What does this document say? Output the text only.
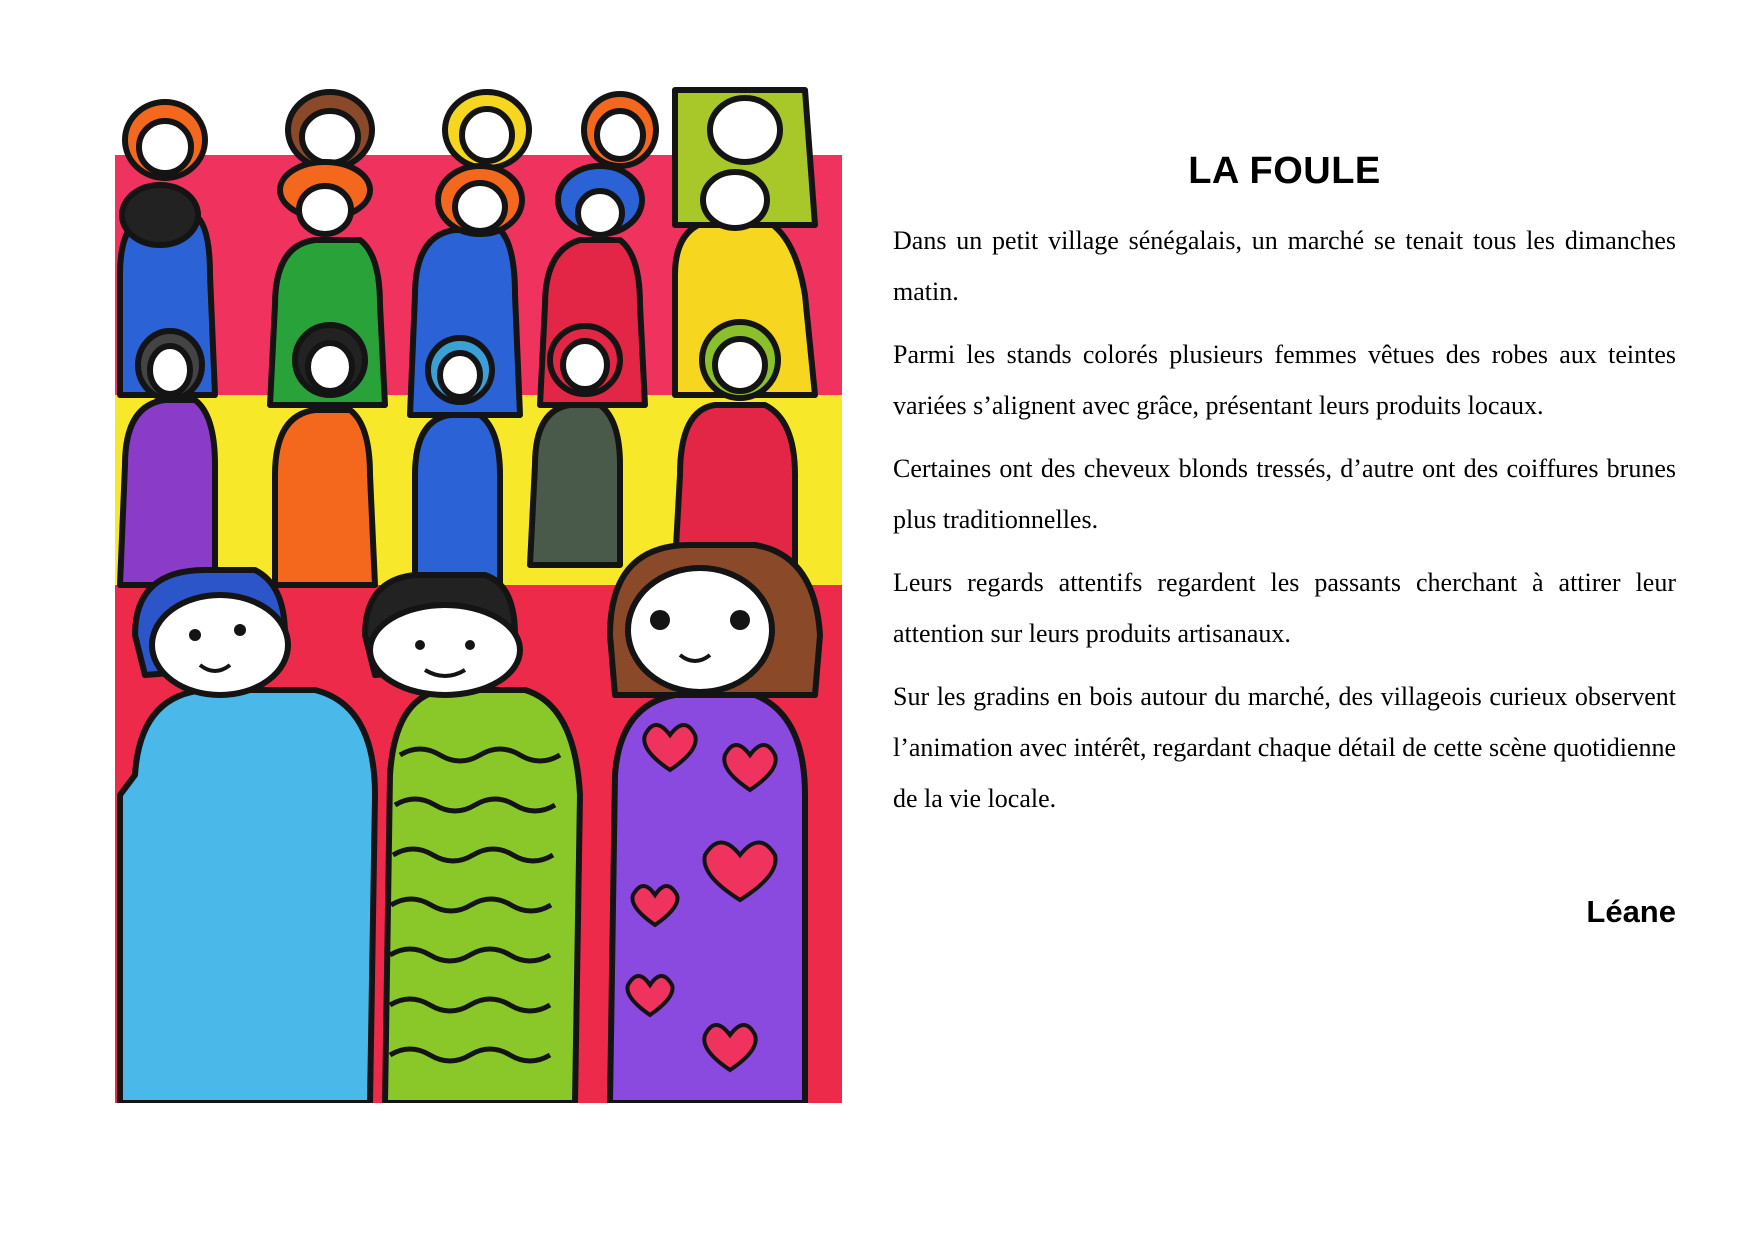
LA FOULE

Dans un petit village sénégalais, un marché se tenait tous les dimanches matin.

Parmi les stands colorés plusieurs femmes vêtues des robes aux teintes variées s’alignent avec grâce, présentant leurs produits locaux.

Certaines ont des cheveux blonds tressés, d’autre ont des coiffures brunes plus traditionnelles.

Leurs regards attentifs regardent les passants cherchant à attirer leur attention sur leurs produits artisanaux.

Sur les gradins en bois autour du marché, des villageois curieux observent l’animation avec intérêt, regardant chaque détail de cette scène quotidienne de la vie locale.

Léane
